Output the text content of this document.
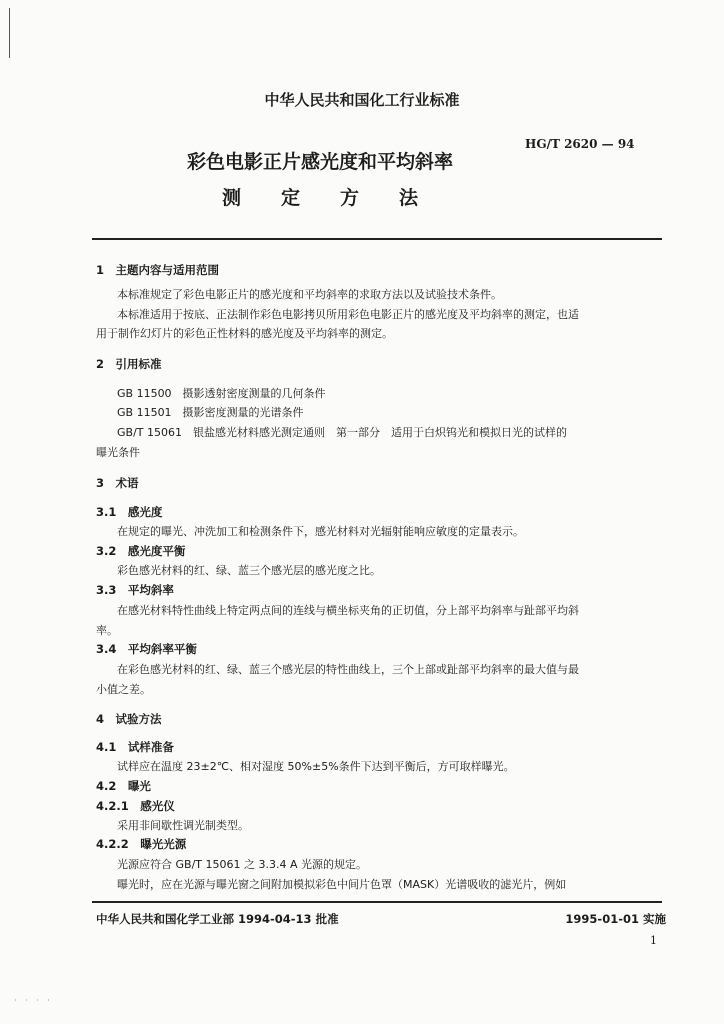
中华人民共和国化工行业标准
HG/T 2620 — 94
彩色电影正片感光度和平均斜率
测定方法
1　主题内容与适用范围
本标准规定了彩色电影正片的感光度和平均斜率的求取方法以及试验技术条件。
本标准适用于按底、正法制作彩色电影拷贝所用彩色电影正片的感光度及平均斜率的测定，也适
用于制作幻灯片的彩色正性材料的感光度及平均斜率的测定。
2　引用标准
GB 11500　摄影透射密度测量的几何条件
GB 11501　摄影密度测量的光谱条件
GB/T 15061　银盐感光材料感光测定通则　第一部分　适用于白炽钨光和模拟日光的试样的
曝光条件
3　术语
3.1　感光度
在规定的曝光、冲洗加工和检测条件下，感光材料对光辐射能响应敏度的定量表示。
3.2　感光度平衡
彩色感光材料的红、绿、蓝三个感光层的感光度之比。
3.3　平均斜率
在感光材料特性曲线上特定两点间的连线与横坐标夹角的正切值，分上部平均斜率与趾部平均斜
率。
3.4　平均斜率平衡
在彩色感光材料的红、绿、蓝三个感光层的特性曲线上，三个上部或趾部平均斜率的最大值与最
小值之差。
4　试验方法
4.1　试样准备
试样应在温度 23±2℃、相对湿度 50%±5%条件下达到平衡后，方可取样曝光。
4.2　曝光
4.2.1　感光仪
采用非间歇性调光制类型。
4.2.2　曝光光源
光源应符合 GB/T 15061 之 3.3.4 A 光源的规定。
曝光时，应在光源与曝光窗之间附加模拟彩色中间片色罩（MASK）光谱吸收的滤光片，例如
中华人民共和国化学工业部 1994-04-13 批准	1995-01-01 实施
1
· · · ·
